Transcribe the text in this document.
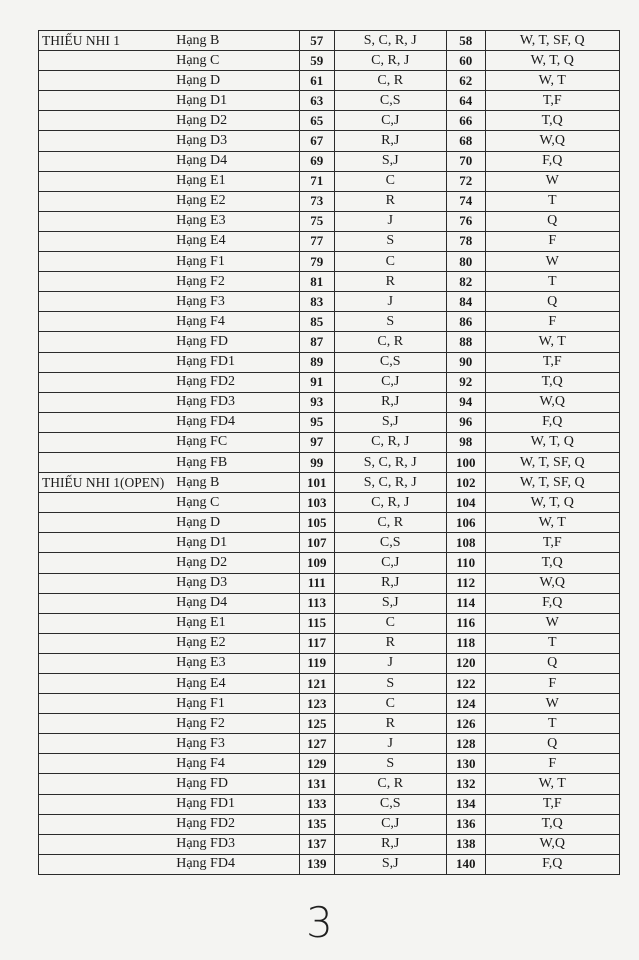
THIẾU NHI 1	Hạng B	57	S, C, R, J	58	W, T, SF, Q
	Hạng C	59	C, R, J	60	W, T, Q
	Hạng D	61	C, R	62	W, T
	Hạng D1	63	C,S	64	T,F
	Hạng D2	65	C,J	66	T,Q
	Hạng D3	67	R,J	68	W,Q
	Hạng D4	69	S,J	70	F,Q
	Hạng E1	71	C	72	W
	Hạng E2	73	R	74	T
	Hạng E3	75	J	76	Q
	Hạng E4	77	S	78	F
	Hạng F1	79	C	80	W
	Hạng F2	81	R	82	T
	Hạng F3	83	J	84	Q
	Hạng F4	85	S	86	F
	Hạng FD	87	C, R	88	W, T
	Hạng FD1	89	C,S	90	T,F
	Hạng FD2	91	C,J	92	T,Q
	Hạng FD3	93	R,J	94	W,Q
	Hạng FD4	95	S,J	96	F,Q
	Hạng FC	97	C, R, J	98	W, T, Q
	Hạng FB	99	S, C, R, J	100	W, T, SF, Q
THIẾU NHI 1(OPEN)	Hạng B	101	S, C, R, J	102	W, T, SF, Q
	Hạng C	103	C, R, J	104	W, T, Q
	Hạng D	105	C, R	106	W, T
	Hạng D1	107	C,S	108	T,F
	Hạng D2	109	C,J	110	T,Q
	Hạng D3	111	R,J	112	W,Q
	Hạng D4	113	S,J	114	F,Q
	Hạng E1	115	C	116	W
	Hạng E2	117	R	118	T
	Hạng E3	119	J	120	Q
	Hạng E4	121	S	122	F
	Hạng F1	123	C	124	W
	Hạng F2	125	R	126	T
	Hạng F3	127	J	128	Q
	Hạng F4	129	S	130	F
	Hạng FD	131	C, R	132	W, T
	Hạng FD1	133	C,S	134	T,F
	Hạng FD2	135	C,J	136	T,Q
	Hạng FD3	137	R,J	138	W,Q
	Hạng FD4	139	S,J	140	F,Q
3
